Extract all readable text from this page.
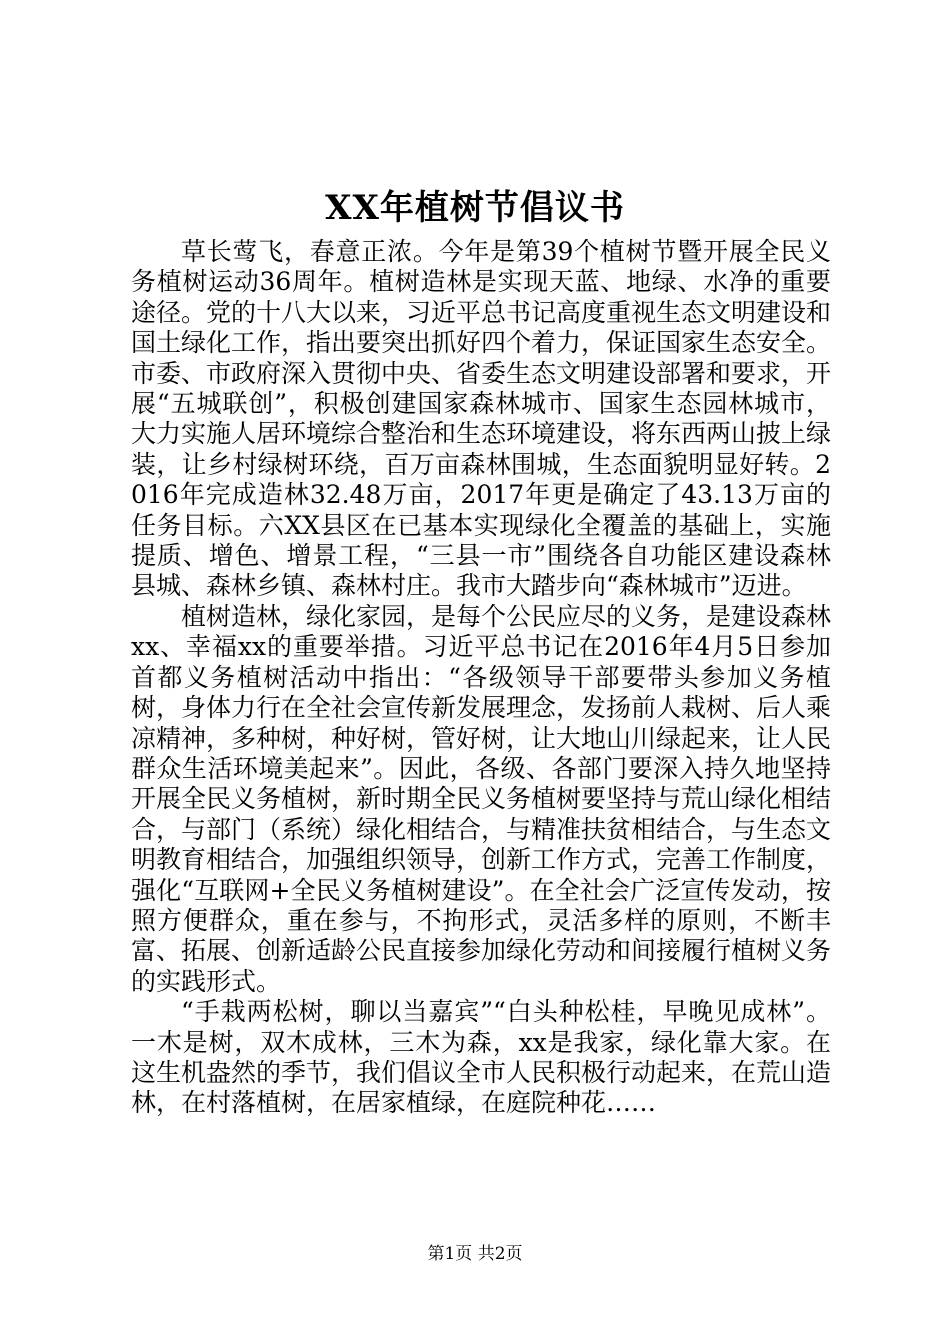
XX年植树节倡议书

草长莺飞，春意正浓。今年是第39个植树节暨开展全民义务植树运动36周年。植树造林是实现天蓝、地绿、水净的重要途径。党的十八大以来，习近平总书记高度重视生态文明建设和国土绿化工作，指出要突出抓好四个着力，保证国家生态安全。市委、市政府深入贯彻中央、省委生态文明建设部署和要求，开展“五城联创”，积极创建国家森林城市、国家生态园林城市，大力实施人居环境综合整治和生态环境建设，将东西两山披上绿装，让乡村绿树环绕，百万亩森林围城，生态面貌明显好转。2016年完成造林32.48万亩，2017年更是确定了43.13万亩的任务目标。六XX县区在已基本实现绿化全覆盖的基础上，实施提质、增色、增景工程，“三县一市”围绕各自功能区建设森林县城、森林乡镇、森林村庄。我市大踏步向“森林城市”迈进。

植树造林，绿化家园，是每个公民应尽的义务，是建设森林xx、幸福xx的重要举措。习近平总书记在2016年4月5日参加首都义务植树活动中指出：“各级领导干部要带头参加义务植树，身体力行在全社会宣传新发展理念，发扬前人栽树、后人乘凉精神，多种树，种好树，管好树，让大地山川绿起来，让人民群众生活环境美起来”。因此，各级、各部门要深入持久地坚持开展全民义务植树，新时期全民义务植树要坚持与荒山绿化相结合，与部门（系统）绿化相结合，与精准扶贫相结合，与生态文明教育相结合，加强组织领导，创新工作方式，完善工作制度，强化“互联网+全民义务植树建设”。在全社会广泛宣传发动，按照方便群众，重在参与，不拘形式，灵活多样的原则，不断丰富、拓展、创新适龄公民直接参加绿化劳动和间接履行植树义务的实践形式。

“手栽两松树，聊以当嘉宾”“白头种松桂，早晚见成林”。一木是树，双木成林，三木为森，xx是我家，绿化靠大家。在这生机盎然的季节，我们倡议全市人民积极行动起来，在荒山造林，在村落植树，在居家植绿，在庭院种花……

第1页 共2页
